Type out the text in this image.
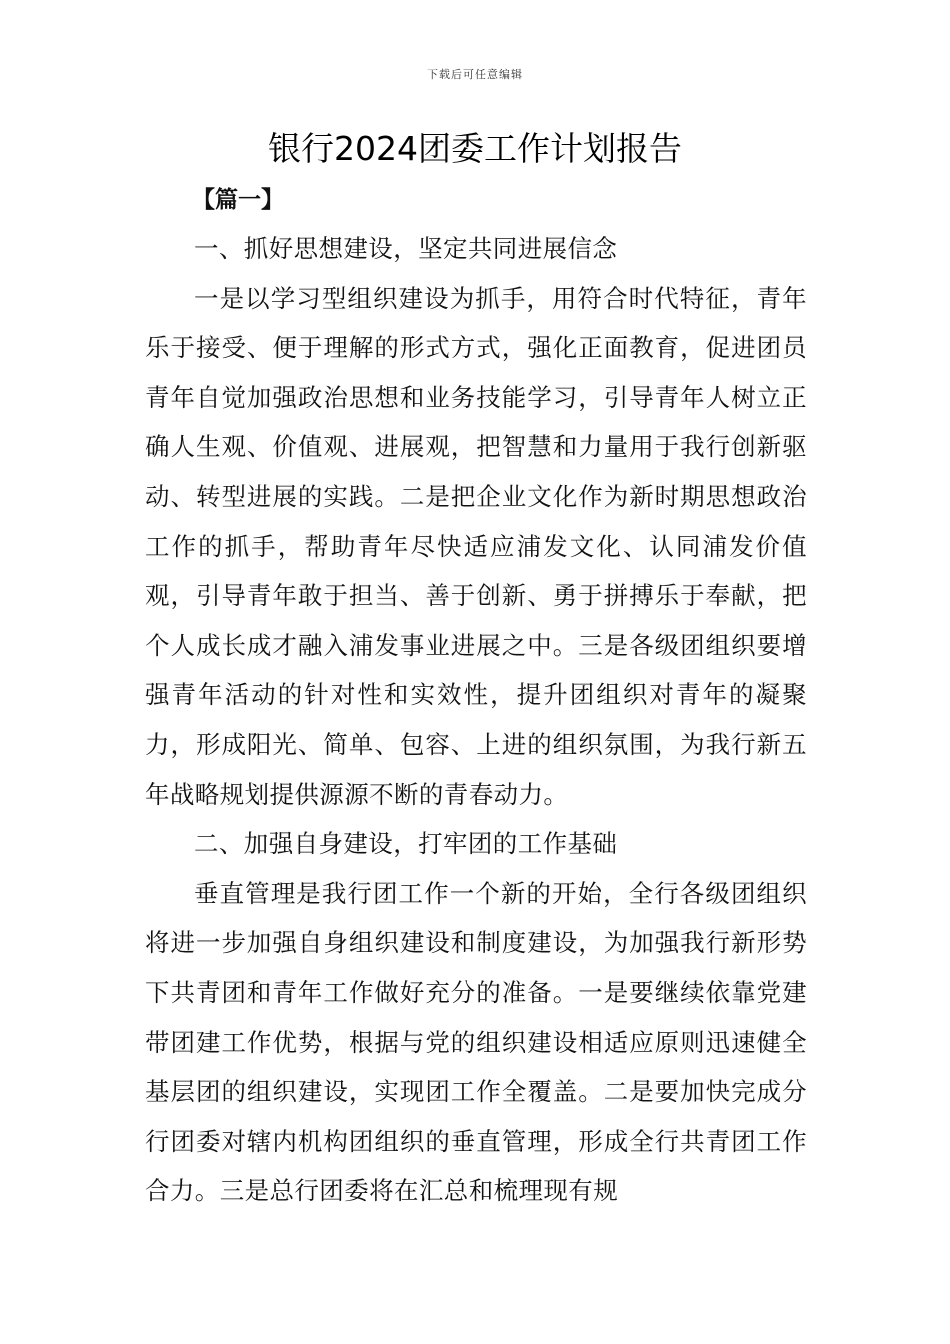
下载后可任意编辑
银行2024团委工作计划报告
【篇一】

一、抓好思想建设，坚定共同进展信念

一是以学习型组织建设为抓手，用符合时代特征，青年乐于接受、便于理解的形式方式，强化正面教育，促进团员青年自觉加强政治思想和业务技能学习，引导青年人树立正确人生观、价值观、进展观，把智慧和力量用于我行创新驱动、转型进展的实践。二是把企业文化作为新时期思想政治工作的抓手，帮助青年尽快适应浦发文化、认同浦发价值观，引导青年敢于担当、善于创新、勇于拼搏乐于奉献，把个人成长成才融入浦发事业进展之中。三是各级团组织要增强青年活动的针对性和实效性，提升团组织对青年的凝聚力，形成阳光、简单、包容、上进的组织氛围，为我行新五年战略规划提供源源不断的青春动力。

二、加强自身建设，打牢团的工作基础

垂直管理是我行团工作一个新的开始，全行各级团组织将进一步加强自身组织建设和制度建设，为加强我行新形势下共青团和青年工作做好充分的准备。一是要继续依靠党建带团建工作优势，根据与党的组织建设相适应原则迅速健全基层团的组织建设，实现团工作全覆盖。二是要加快完成分行团委对辖内机构团组织的垂直管理，形成全行共青团工作合力。三是总行团委将在汇总和梳理现有规
